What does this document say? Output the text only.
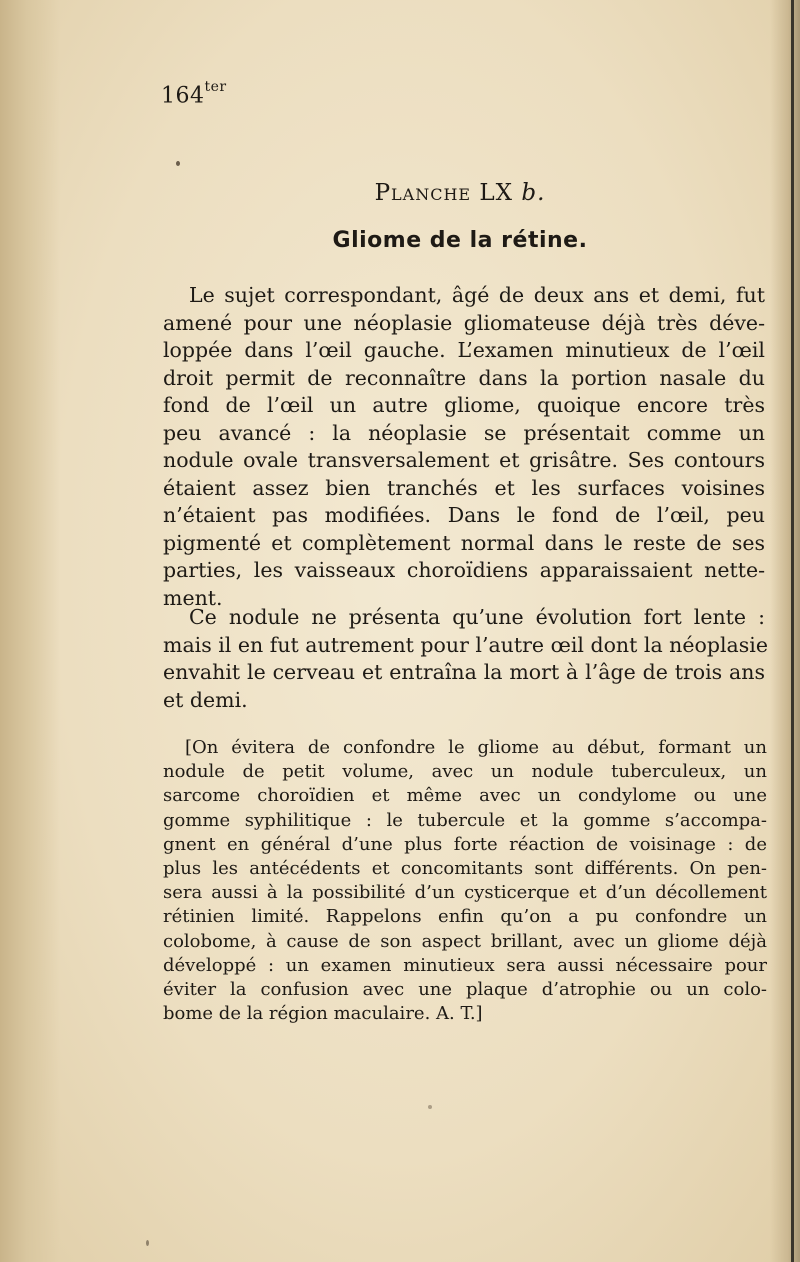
$164^{ter}$
Planche LX b.
Gliome de la rétine.
Le sujet correspondant, âgé de deux ans et demi, fut
amené pour une néoplasie gliomateuse déjà très déve-
loppée dans l’œil gauche. L’examen minutieux de l’œil
droit permit de reconnaître dans la portion nasale du
fond de l’œil un autre gliome, quoique encore très
peu avancé : la néoplasie se présentait comme un
nodule ovale transversalement et grisâtre. Ses contours
étaient assez bien tranchés et les surfaces voisines
n’étaient pas modifiées. Dans le fond de l’œil, peu
pigmenté et complètement normal dans le reste de ses
parties, les vaisseaux choroïdiens apparaissaient nette-
ment.
Ce nodule ne présenta qu’une évolution fort lente :
mais il en fut autrement pour l’autre œil dont la néoplasie
envahit le cerveau et entraîna la mort à l’âge de trois ans
et demi.
[On évitera de confondre le gliome au début, formant un
nodule de petit volume, avec un nodule tuberculeux, un
sarcome choroïdien et même avec un condylome ou une
gomme syphilitique : le tubercule et la gomme s’accompa-
gnent en général d’une plus forte réaction de voisinage : de
plus les antécédents et concomitants sont différents. On pen-
sera aussi à la possibilité d’un cysticerque et d’un décollement
rétinien limité. Rappelons enfin qu’on a pu confondre un
colobome, à cause de son aspect brillant, avec un gliome déjà
développé : un examen minutieux sera aussi nécessaire pour
éviter la confusion avec une plaque d’atrophie ou un colo-
bome de la région maculaire. A. T.]
